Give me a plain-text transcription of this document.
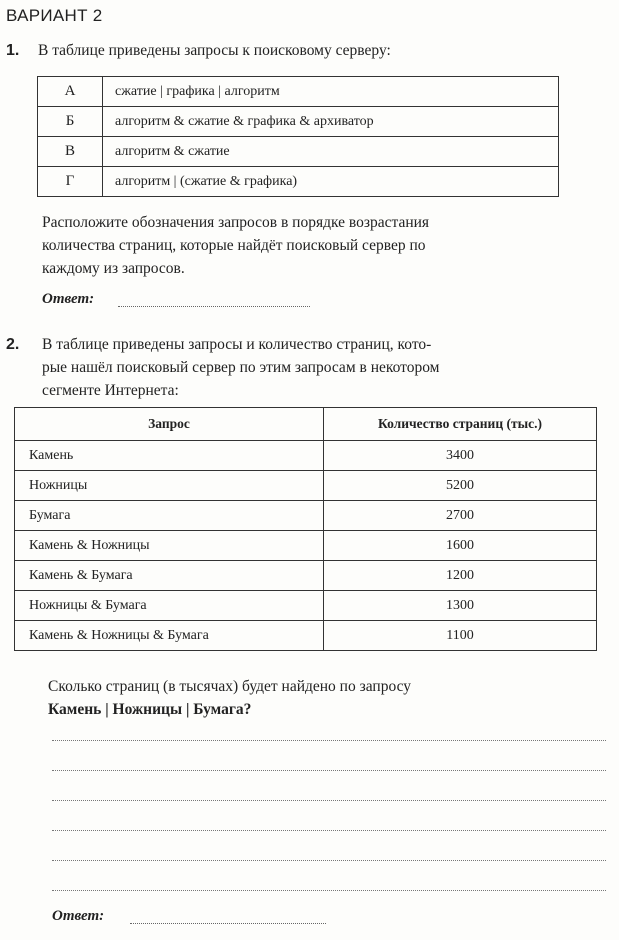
ВАРИАНТ 2
1. В таблице приведены запросы к поисковому серверу:
А	сжатие | графика | алгоритм
Б	алгоритм & сжатие & графика & архиватор
В	алгоритм & сжатие
Г	алгоритм | (сжатие & графика)
Расположите обозначения запросов в порядке возрастания
количества страниц, которые найдёт поисковый сервер по
каждому из запросов.
Ответ:
2. В таблице приведены запросы и количество страниц, кото-
рые нашёл поисковый сервер по этим запросам в некотором
сегменте Интернета:
Запрос	Количество страниц (тыс.)
Камень	3400
Ножницы	5200
Бумага	2700
Камень & Ножницы	1600
Камень & Бумага	1200
Ножницы & Бумага	1300
Камень & Ножницы & Бумага	1100
Сколько страниц (в тысячах) будет найдено по запросу
Камень | Ножницы | Бумага?
Ответ:
